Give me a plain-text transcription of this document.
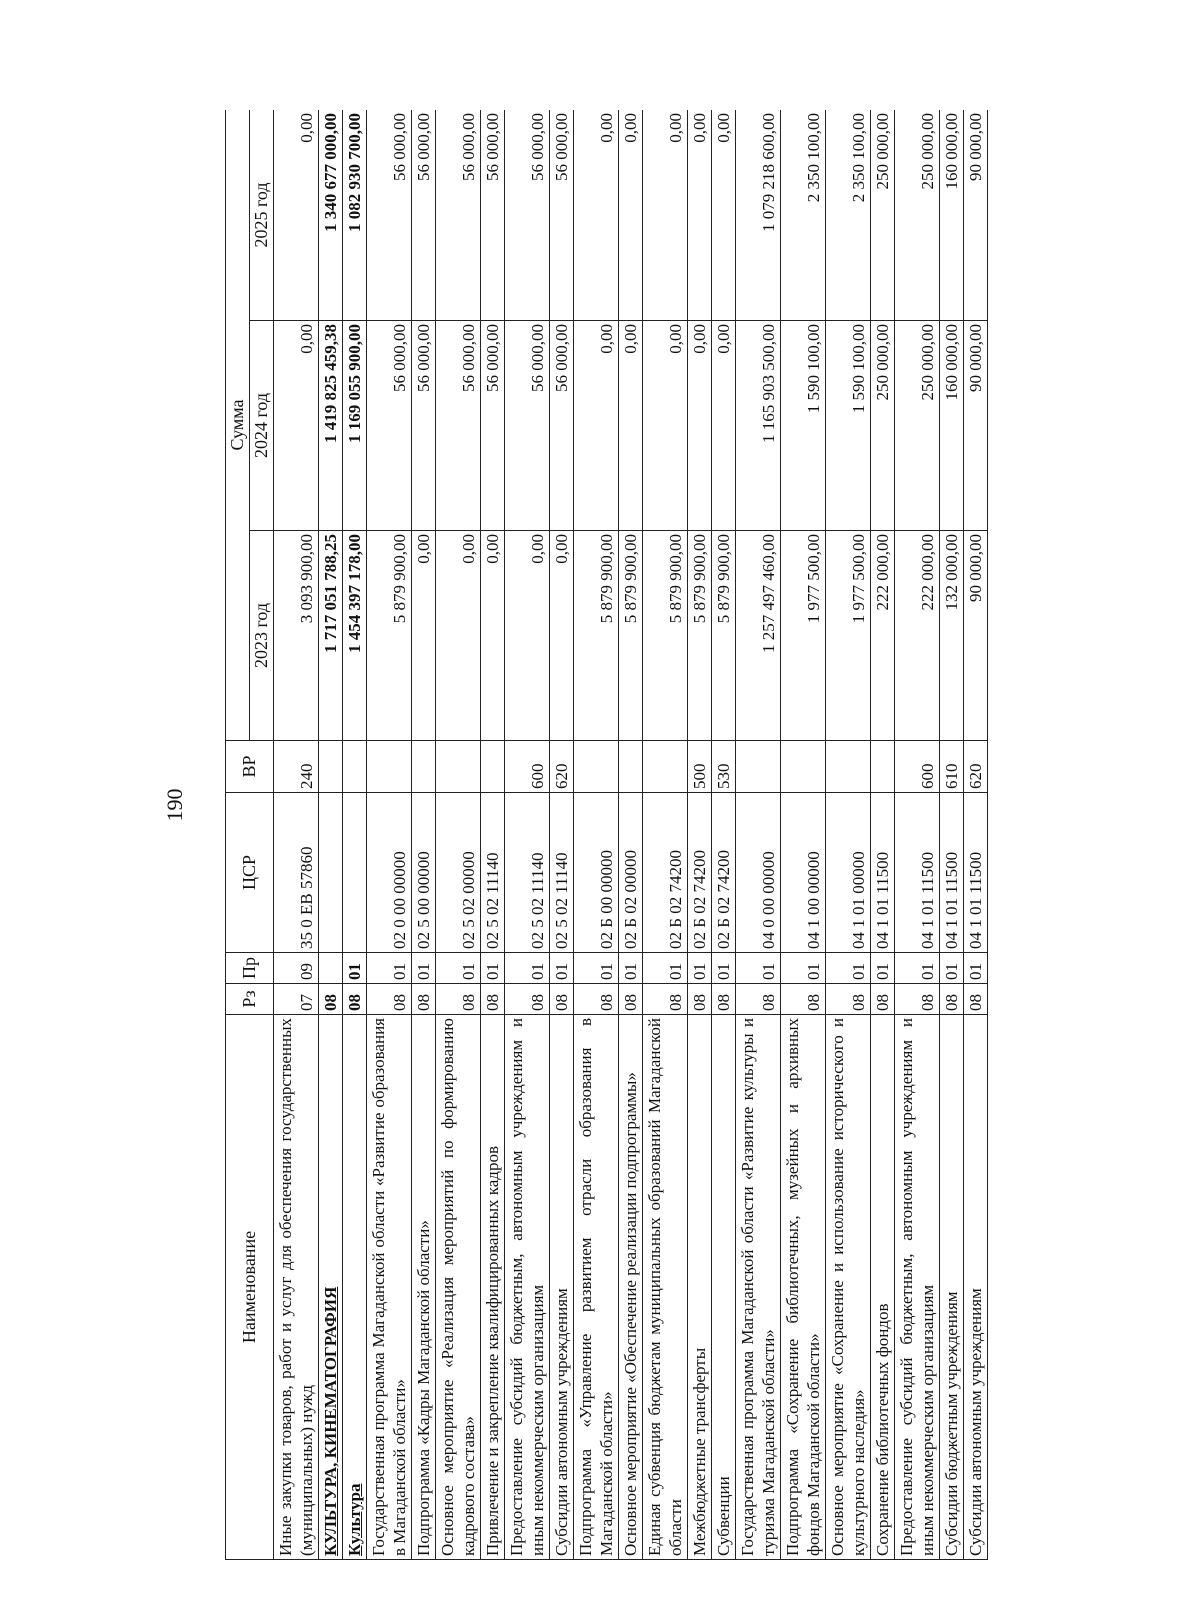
190
Наименование	Рз	Пр	ЦСР	ВР	Сумма		
					2023 год	2024 год	2025 год
Иные закупки товаров, работ и услуг для обеспечения государственных (муниципальных) нужд	07	09	35 0 ЕВ 57860	240	3 093 900,00	0,00	0,00
КУЛЬТУРА, КИНЕМАТОГРАФИЯ	08				1 717 051 788,25	1 419 825 459,38	1 340 677 000,00
Культура	08	01			1 454 397 178,00	1 169 055 900,00	1 082 930 700,00
Государственная программа Магаданской области «Развитие образования в Магаданской области»	08	01	02 0 00 00000		5 879 900,00	56 000,00	56 000,00
Подпрограмма «Кадры Магаданской области»	08	01	02 5 00 00000		0,00	56 000,00	56 000,00
Основное мероприятие «Реализация мероприятий по формированию кадрового состава»	08	01	02 5 02 00000		0,00	56 000,00	56 000,00
Привлечение и закрепление квалифицированных кадров	08	01	02 5 02 11140		0,00	56 000,00	56 000,00
Предоставление субсидий бюджетным, автономным учреждениям и иным некоммерческим организациям	08	01	02 5 02 11140	600	0,00	56 000,00	56 000,00
Субсидии автономным учреждениям	08	01	02 5 02 11140	620	0,00	56 000,00	56 000,00
Подпрограмма «Управление развитием отрасли образования в Магаданской области»	08	01	02 Б 00 00000		5 879 900,00	0,00	0,00
Основное мероприятие «Обеспечение реализации подпрограммы»	08	01	02 Б 02 00000		5 879 900,00	0,00	0,00
Единая субвенция бюджетам муниципальных образований Магаданской области	08	01	02 Б 02 74200		5 879 900,00	0,00	0,00
Межбюджетные трансферты	08	01	02 Б 02 74200	500	5 879 900,00	0,00	0,00
Субвенции	08	01	02 Б 02 74200	530	5 879 900,00	0,00	0,00
Государственная программа Магаданской области «Развитие культуры и туризма Магаданской области»	08	01	04 0 00 00000		1 257 497 460,00	1 165 903 500,00	1 079 218 600,00
Подпрограмма «Сохранение библиотечных, музейных и архивных фондов Магаданской области»	08	01	04 1 00 00000		1 977 500,00	1 590 100,00	2 350 100,00
Основное мероприятие «Сохранение и использование исторического и культурного наследия»	08	01	04 1 01 00000		1 977 500,00	1 590 100,00	2 350 100,00
Сохранение библиотечных фондов	08	01	04 1 01 11500		222 000,00	250 000,00	250 000,00
Предоставление субсидий бюджетным, автономным учреждениям и иным некоммерческим организациям	08	01	04 1 01 11500	600	222 000,00	250 000,00	250 000,00
Субсидии бюджетным учреждениям	08	01	04 1 01 11500	610	132 000,00	160 000,00	160 000,00
Субсидии автономным учреждениям	08	01	04 1 01 11500	620	90 000,00	90 000,00	90 000,00
